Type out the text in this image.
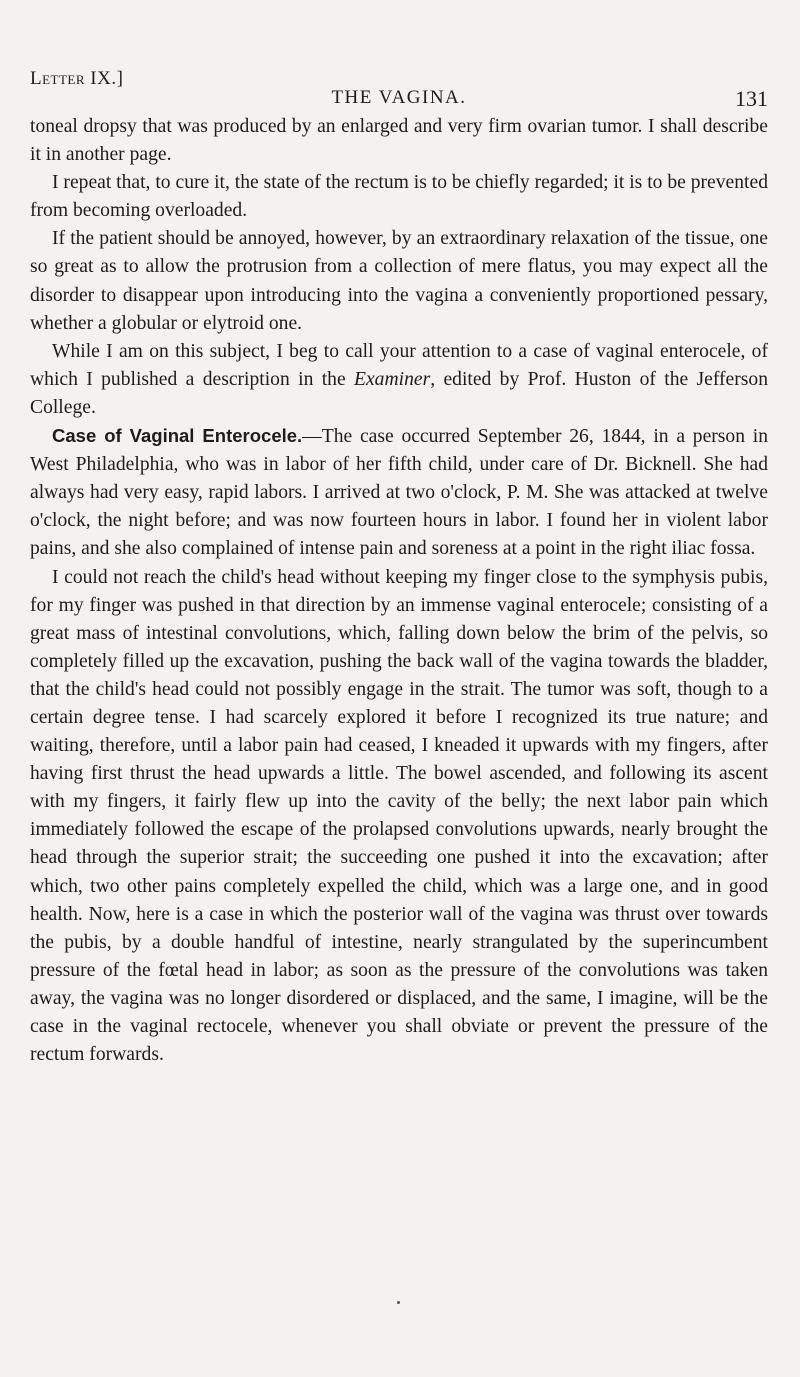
Letter IX.]
THE VAGINA.	131

toneal dropsy that was produced by an enlarged and very firm ovarian tumor. I shall describe it in another page.

I repeat that, to cure it, the state of the rectum is to be chiefly regarded; it is to be prevented from becoming overloaded.

If the patient should be annoyed, however, by an extraordinary relaxation of the tissue, one so great as to allow the protrusion from a collection of mere flatus, you may expect all the disorder to disappear upon introducing into the vagina a conveniently proportioned pessary, whether a globular or elytroid one.

While I am on this subject, I beg to call your attention to a case of vaginal enterocele, of which I published a description in the Examiner, edited by Prof. Huston of the Jefferson College.

Case of Vaginal Enterocele.—The case occurred September 26, 1844, in a person in West Philadelphia, who was in labor of her fifth child, under care of Dr. Bicknell. She had always had very easy, rapid labors. I arrived at two o'clock, P. M. She was attacked at twelve o'clock, the night before; and was now fourteen hours in labor. I found her in violent labor pains, and she also complained of intense pain and soreness at a point in the right iliac fossa.

I could not reach the child's head without keeping my finger close to the symphysis pubis, for my finger was pushed in that direction by an immense vaginal enterocele; consisting of a great mass of intestinal convolutions, which, falling down below the brim of the pelvis, so completely filled up the excavation, pushing the back wall of the vagina towards the bladder, that the child's head could not possibly engage in the strait. The tumor was soft, though to a certain degree tense. I had scarcely explored it before I recognized its true nature; and waiting, therefore, until a labor pain had ceased, I kneaded it upwards with my fingers, after having first thrust the head upwards a little. The bowel ascended, and following its ascent with my fingers, it fairly flew up into the cavity of the belly; the next labor pain which immediately followed the escape of the prolapsed convolutions upwards, nearly brought the head through the superior strait; the succeeding one pushed it into the excavation; after which, two other pains completely expelled the child, which was a large one, and in good health. Now, here is a case in which the posterior wall of the vagina was thrust over towards the pubis, by a double handful of intestine, nearly strangulated by the superincumbent pressure of the fœtal head in labor; as soon as the pressure of the convolutions was taken away, the vagina was no longer disordered or displaced, and the same, I imagine, will be the case in the vaginal rectocele, whenever you shall obviate or prevent the pressure of the rectum forwards.
